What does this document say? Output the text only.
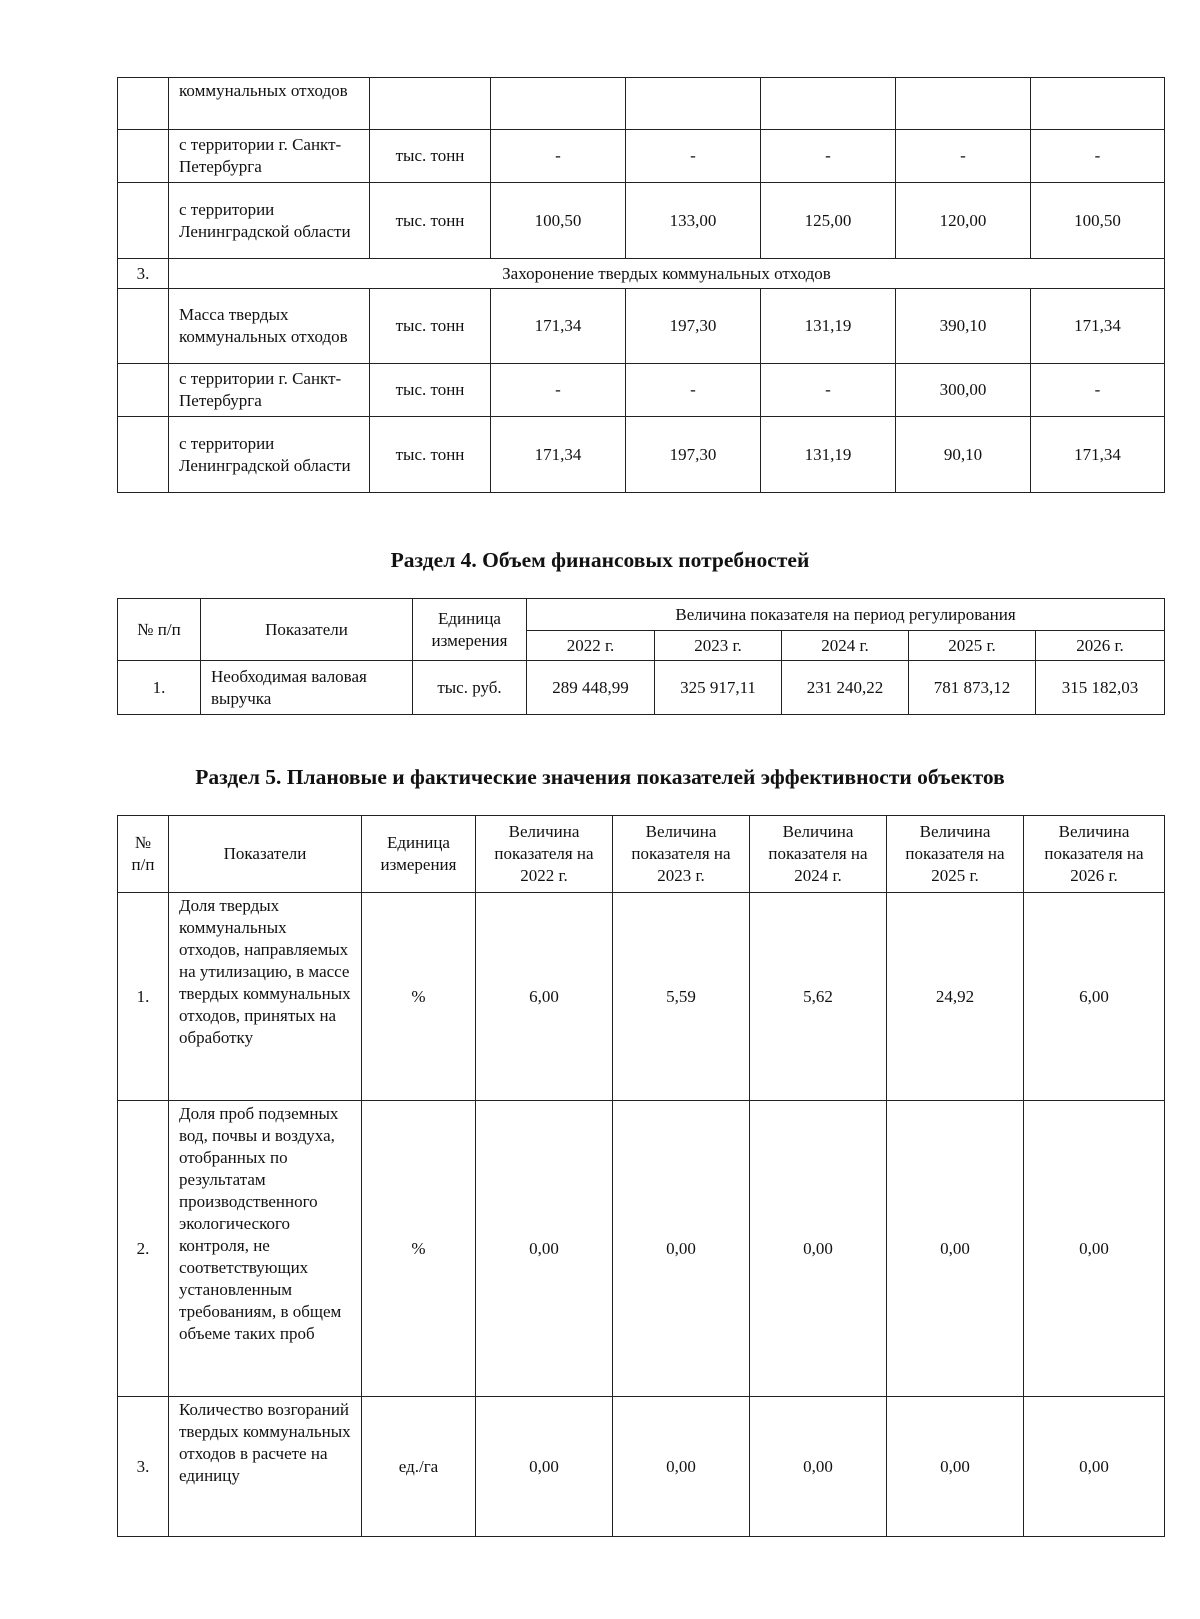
	коммунальных отходов						
	с территории г. Санкт-Петербурга	тыс. тонн	-	-	-	-	-
	с территории Ленинградской области	тыс. тонн	100,50	133,00	125,00	120,00	100,50
3.	Захоронение твердых коммунальных отходов						
	Масса твердых коммунальных отходов	тыс. тонн	171,34	197,30	131,19	390,10	171,34
	с территории г. Санкт-Петербурга	тыс. тонн	-	-	-	300,00	-
	с территории Ленинградской области	тыс. тонн	171,34	197,30	131,19	90,10	171,34
Раздел 4. Объем финансовых потребностей
№ п/п	Показатели	Единица измерения	Величина показателя на период регулирования				
			2022 г.	2023 г.	2024 г.	2025 г.	2026 г.
1.	Необходимая валовая выручка	тыс. руб.	289 448,99	325 917,11	231 240,22	781 873,12	315 182,03
Раздел 5. Плановые и фактические значения показателей эффективности объектов
№ п/п	Показатели	Единица измерения	Величина показателя на 2022 г.	Величина показателя на 2023 г.	Величина показателя на 2024 г.	Величина показателя на 2025 г.	Величина показателя на 2026 г.
1.	Доля твердых коммунальных отходов, направляемых на утилизацию, в массе твердых коммунальных отходов, принятых на обработку	%	6,00	5,59	5,62	24,92	6,00
2.	Доля проб подземных вод, почвы и воздуха, отобранных по результатам производственного экологического контроля, не соответствующих установленным требованиям, в общем объеме таких проб	%	0,00	0,00	0,00	0,00	0,00
3.	Количество возгораний твердых коммунальных отходов в расчете на единицу	ед./га	0,00	0,00	0,00	0,00	0,00
